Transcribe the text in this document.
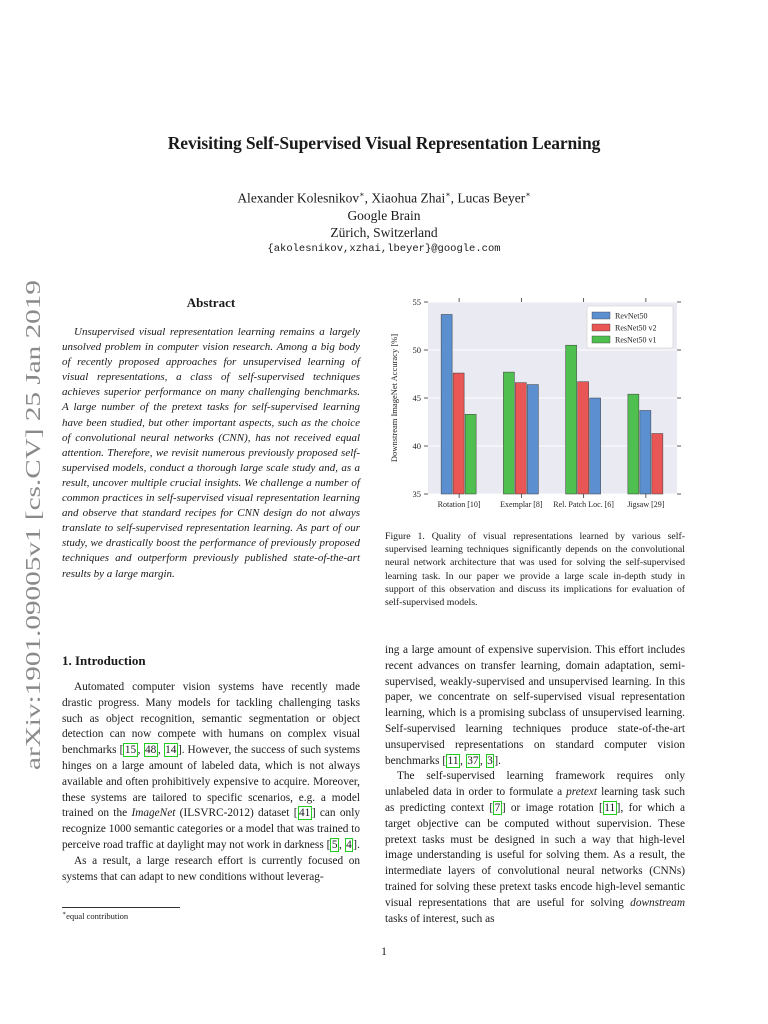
arXiv:1901.09005v1 [cs.CV] 25 Jan 2019
Revisiting Self-Supervised Visual Representation Learning
Alexander Kolesnikov∗, Xiaohua Zhai∗, Lucas Beyer∗
Google Brain
Zürich, Switzerland
{akolesnikov,xzhai,lbeyer}@google.com
Abstract
Unsupervised visual representation learning remains a largely unsolved problem in computer vision research. Among a big body of recently proposed approaches for unsupervised learning of visual representations, a class of self-supervised techniques achieves superior performance on many challenging benchmarks. A large number of the pretext tasks for self-supervised learning have been studied, but other important aspects, such as the choice of convolutional neural networks (CNN), has not received equal attention. Therefore, we revisit numerous previously proposed self-supervised models, conduct a thorough large scale study and, as a result, uncover multiple crucial insights. We challenge a number of common practices in self-supervised visual representation learning and observe that standard recipes for CNN design do not always translate to self-supervised representation learning. As part of our study, we drastically boost the performance of previously proposed techniques and outperform previously published state-of-the-art results by a large margin.
1. Introduction

Automated computer vision systems have recently made drastic progress. Many models for tackling challenging tasks such as object recognition, semantic segmentation or object detection can now compete with humans on complex visual benchmarks [ 15 , 48 , 14 ]. However, the success of such systems hinges on a large amount of labeled data, which is not always available and often prohibitively expensive to acquire. Moreover, these systems are tailored to specific scenarios, e.g. a model trained on the ImageNet (ILSVRC-2012) dataset [ 41 ] can only recognize 1000 semantic categories or a model that was trained to perceive road traffic at daylight may not work in darkness [ 5 , 4 ].

As a result, a large research effort is currently focused on systems that can adapt to new conditions without leverag-

∗equal contribution
35
40
45
50
55
Rotation [10] Exemplar [8] Rel. Patch Loc. [6] Jigsaw [29]
Downstream ImageNet Accuracy [%]
RevNet50
ResNet50 v2
ResNet50 v1
Figure 1. Quality of visual representations learned by various self-supervised learning techniques significantly depends on the convolutional neural network architecture that was used for solving the self-supervised learning task. In our paper we provide a large scale in-depth study in support of this observation and discuss its implications for evaluation of self-supervised models.

ing a large amount of expensive supervision. This effort includes recent advances on transfer learning, domain adaptation, semi-supervised, weakly-supervised and unsupervised learning. In this paper, we concentrate on self-supervised visual representation learning, which is a promising subclass of unsupervised learning. Self-supervised learning techniques produce state-of-the-art unsupervised representations on standard computer vision benchmarks [ 11 , 37 , 3 ].

The self-supervised learning framework requires only unlabeled data in order to formulate a pretext learning task such as predicting context [ 7 ] or image rotation [ 11 ], for which a target objective can be computed without supervision. These pretext tasks must be designed in such a way that high-level image understanding is useful for solving them. As a result, the intermediate layers of convolutional neural networks (CNNs) trained for solving these pretext tasks encode high-level semantic visual representations that are useful for solving downstream tasks of interest, such as

1
